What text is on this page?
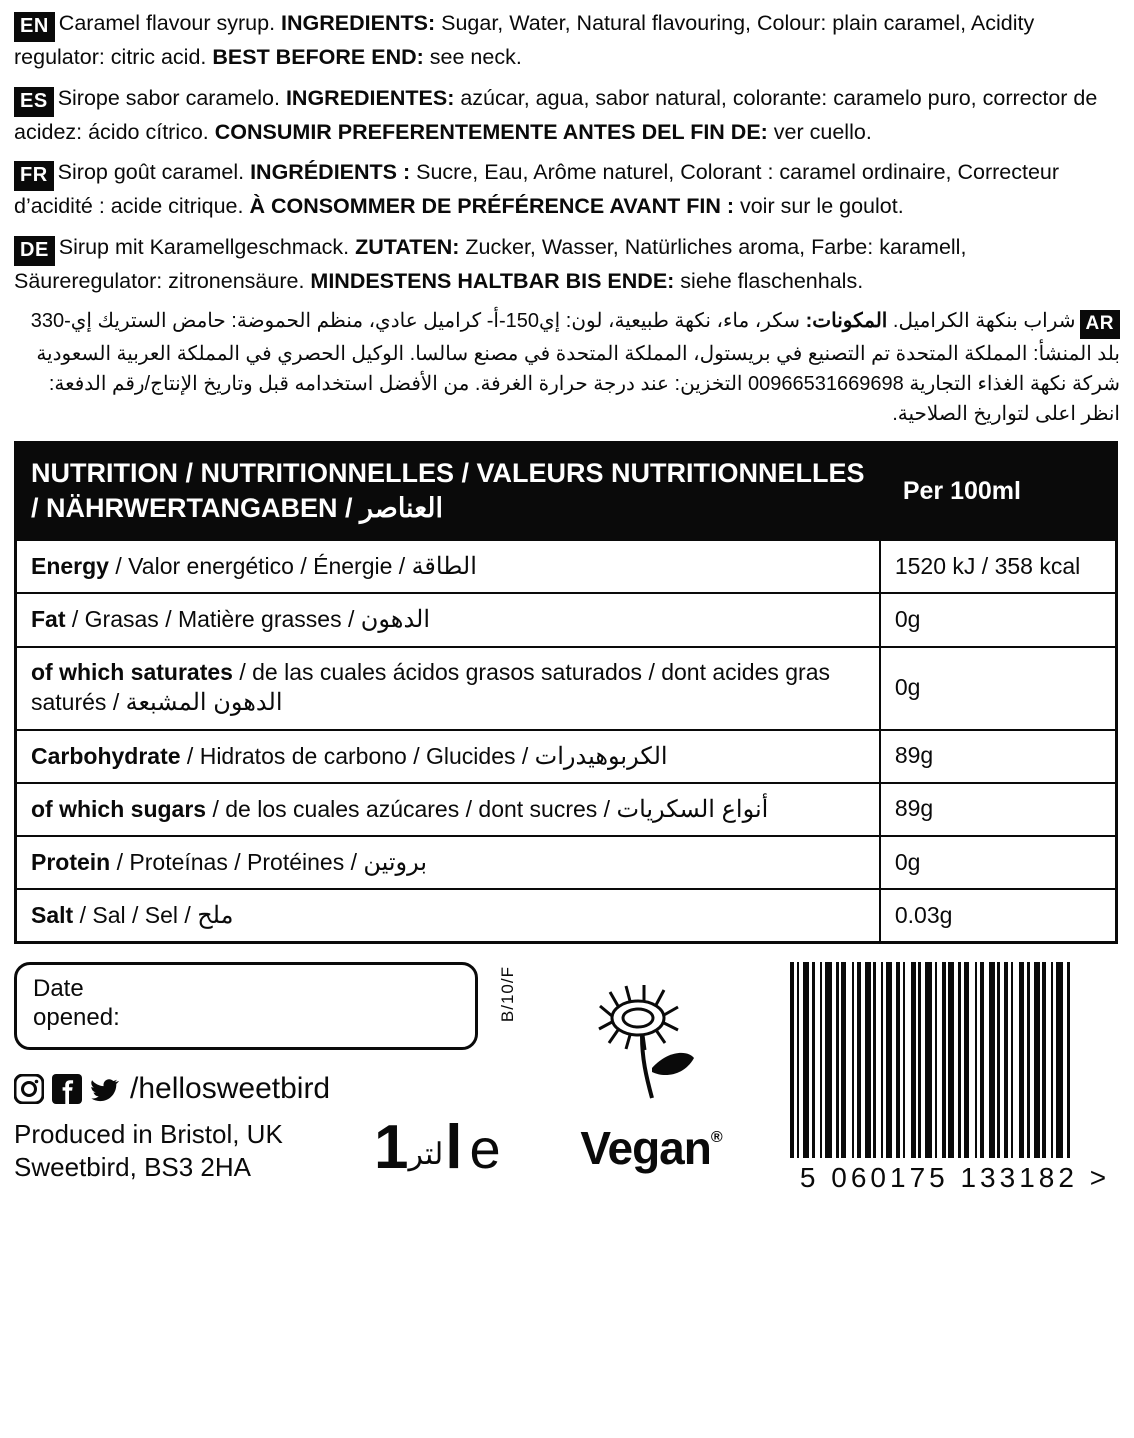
EN Caramel flavour syrup. INGREDIENTS: Sugar, Water, Natural flavouring, Colour: plain caramel, Acidity regulator: citric acid. BEST BEFORE END: see neck.
ES Sirope sabor caramelo. INGREDIENTES: azúcar, agua, sabor natural, colorante: caramelo puro, corrector de acidez: ácido cítrico. CONSUMIR PREFERENTEMENTE ANTES DEL FIN DE: ver cuello.
FR Sirop goût caramel. INGRÉDIENTS : Sucre, Eau, Arôme naturel, Colorant : caramel ordinaire, Correcteur d’acidité : acide citrique. À CONSOMMER DE PRÉFÉRENCE AVANT FIN : voir sur le goulot.
DE Sirup mit Karamellgeschmack. ZUTATEN: Zucker, Wasser, Natürliches aroma, Farbe: karamell, Säureregulator: zitronensäure. MINDESTENS HALTBAR BIS ENDE: siehe flaschenhals.
ARشراب بنكهة الكراميل. المكونات: سكر، ماء، نكهة طبيعية، لون: إي150-أ- كراميل عادي، منظم الحموضة: حامض الستريك إي-330 بلد المنشأ: المملكة المتحدة تم التصنيع في بريستول، المملكة المتحدة في مصنع سالسا. الوكيل الحصري في المملكة العربية السعودية شركة نكهة الغذاء التجارية 00966531669698 التخزين: عند درجة حرارة الغرفة. من الأفضل استخدامه قبل وتاريخ الإنتاج/رقم الدفعة: انظر اعلى لتواريخ الصلاحية.
NUTRITION / NUTRITIONNELLES / VALEURS NUTRITIONNELLES / NÄHRWERTANGABEN / العناصر	Per 100ml
Energy / Valor energético / Énergie / الطاقة	1520 kJ / 358 kcal
Fat / Grasas / Matière grasses / الدهون	0g
of which saturates / de las cuales ácidos grasos saturados / dont acides gras saturés / الدهون المشبعة	0g
Carbohydrate / Hidratos de carbono / Glucides / الكربوهيدرات	89g
of which sugars / de los cuales azúcares / dont sucres / أنواع السكريات	89g
Protein / Proteínas / Protéines / بروتين	0g
Salt / Sal / Sel / ملح	0.03g
Date
opened:	B/10/F
/hellosweetbird
Produced in Bristol, UK
Sweetbird, BS3 2HA	لتر1l e	Vegan®
5 060175 133182 >
